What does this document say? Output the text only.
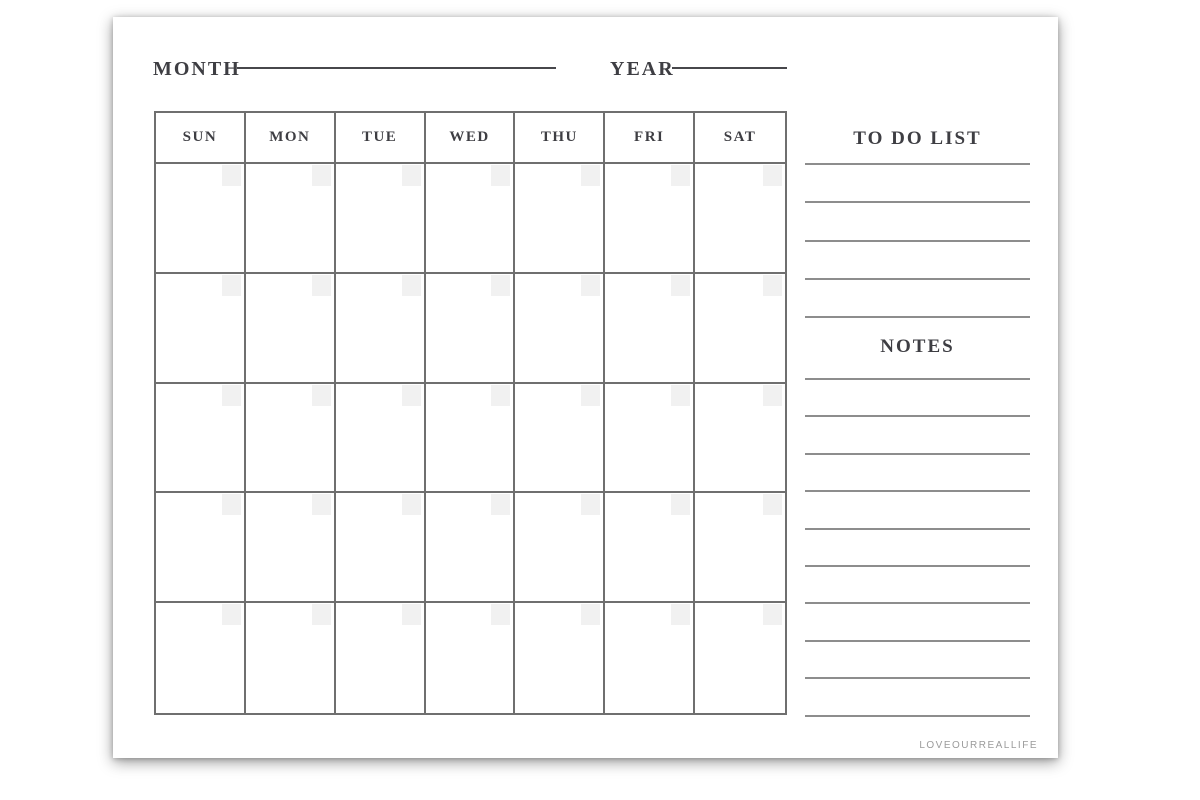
MONTH	YEAR
SUN	MON	TUE	WED	THU	FRI	SAT	TO DO LIST
NOTES
LOVEOURREALLIFE
